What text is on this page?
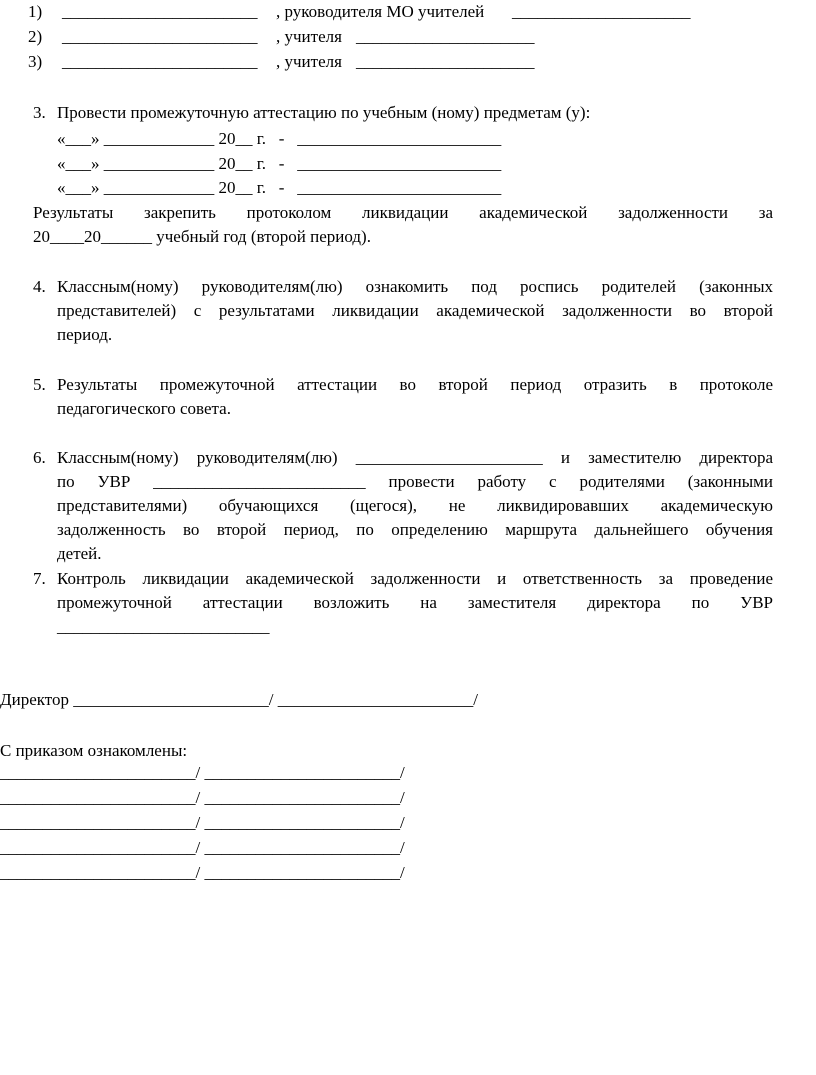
1) _______________________ , руководителя МО учителей _____________________
2) _______________________ , учителя _____________________
3) _______________________ , учителя _____________________
3. Провести промежуточную аттестацию по учебным (ному) предметам (у):
«___» _____________ 20__ г.   -   ________________________
«___» _____________ 20__ г.   -   ________________________
«___» _____________ 20__ г.   -   ________________________
Результаты закрепить протоколом ликвидации академической задолженности за
20____20______ учебный год (второй период).
4. Классным(ному) руководителям(лю) ознакомить под роспись родителей (законных
представителей) с результатами ликвидации академической задолженности во второй
период.
5. Результаты промежуточной аттестации во второй период отразить в протоколе
педагогического совета.
6. Классным(ному) руководителям(лю) ______________________ и заместителю директора
по УВР _________________________ провести работу с родителями (законными
представителями) обучающихся (щегося), не ликвидировавших академическую
задолженность во второй период, по определению маршрута дальнейшего обучения
детей.
7. Контроль ликвидации академической задолженности и ответственность за проведение
промежуточной аттестации возложить на заместителя директора по УВР
_________________________
Директор _______________________/ _______________________/
С приказом ознакомлены:
_______________________/ _______________________/
_______________________/ _______________________/
_______________________/ _______________________/
_______________________/ _______________________/
_______________________/ _______________________/
